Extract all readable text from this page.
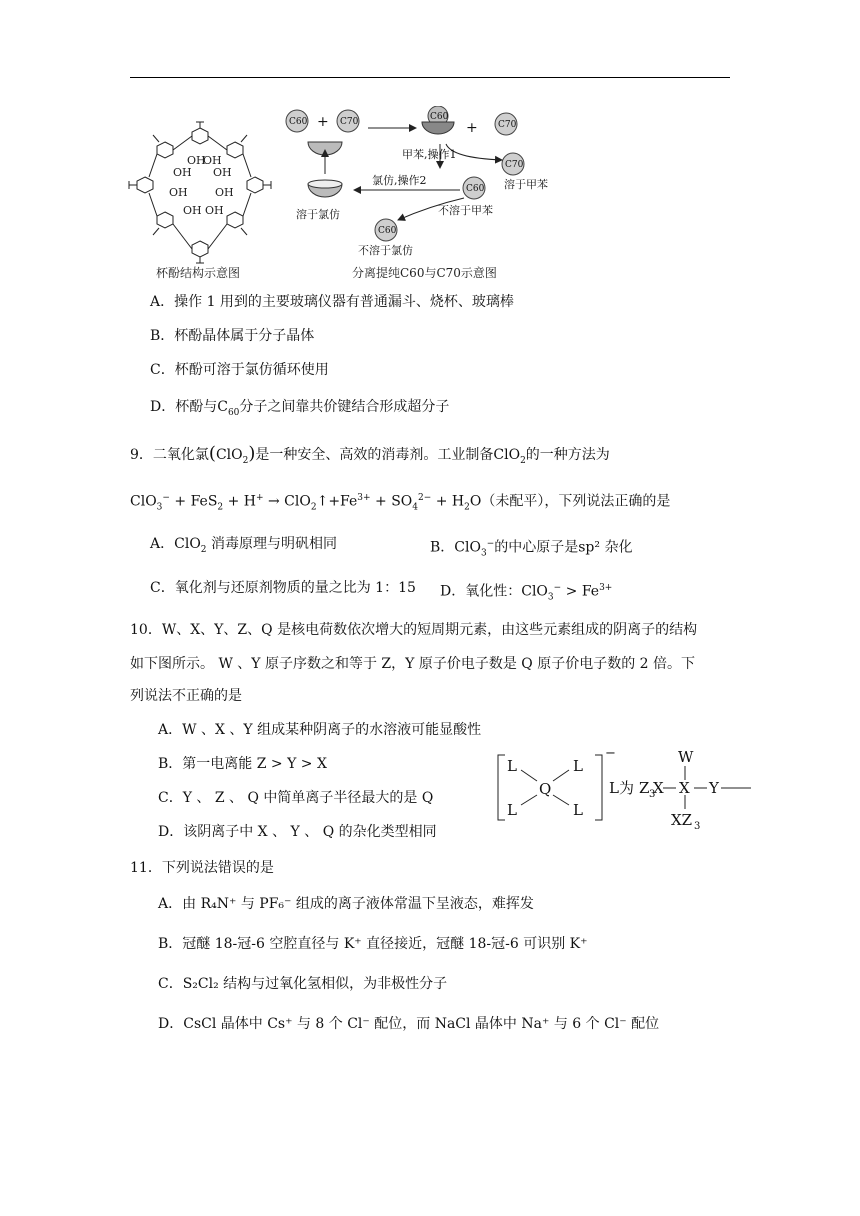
OH
OH
OH OH
OH OH
OH OH
杯酚结构示意图
C60	C70	C60
C70
C70
C60
C60
+	+
甲苯,操作1
氯仿,操作2	溶于甲苯
不溶于甲苯
不溶于氯仿
溶于氯仿
分离提纯C60与C70示意图
A．操作 1 用到的主要玻璃仪器有普通漏斗、烧杯、玻璃棒
B．杯酚晶体属于分子晶体
C．杯酚可溶于氯仿循环使用
D．杯酚与$C_{60}$分子之间靠共价键结合形成超分子
9．二氧化氯(ClO$_2$)是一种安全、高效的消毒剂。工业制备ClO$_2$的一种方法为
$ClO_3^- + FeS_2 + H^+ \to ClO_2↑+Fe^{3+} + SO_4^{2-} + H_2O$（未配平），下列说法正确的是
A．ClO$_2$ 消毒原理与明矾相同	B．ClO$_3$−的中心原子是sp² 杂化
C．氧化剂与还原剂物质的量之比为 1：15 D．氧化性：$ClO_3^- > Fe^{3+}$
10．W、X、Y、Z、Q 是核电荷数依次增大的短周期元素，由这些元素组成的阴离子的结构
如下图所示。 W 、Y 原子序数之和等于 Z，Y 原子价电子数是 Q 原子价电子数的 2 倍。下
列说法不正确的是
A．W 、X 、Y 组成某种阴离子的水溶液可能显酸性
B．第一电离能 Z > Y > X
C．Y 、 Z 、 Q 中简单离子半径最大的是 Q
D．该阴离子中 X 、 Y 、 Q 的杂化类型相同
L	L
Q
L	L
−
L为 Z 3
X X Y
W
XZ 3
11．下列说法错误的是
A．由 R₄N⁺ 与 PF₆⁻ 组成的离子液体常温下呈液态，难挥发
B．冠醚 18-冠-6 空腔直径与 K⁺ 直径接近，冠醚 18-冠-6 可识别 K⁺
C．S₂Cl₂ 结构与过氧化氢相似，为非极性分子
D．CsCl 晶体中 Cs⁺ 与 8 个 Cl⁻ 配位，而 NaCl 晶体中 Na⁺ 与 6 个 Cl⁻ 配位
